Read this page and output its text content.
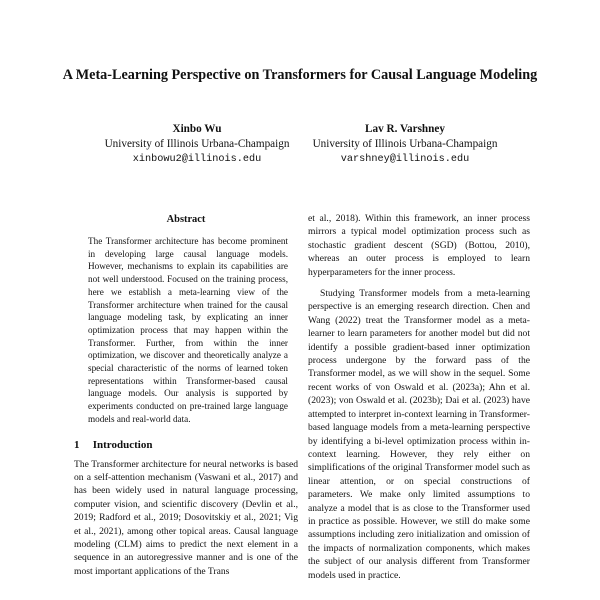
A Meta-Learning Perspective on Transformers for Causal Language Modeling
Xinbo Wu
University of Illinois Urbana-Champaign
xinbowu2@illinois.edu
Lav R. Varshney
University of Illinois Urbana-Champaign
varshney@illinois.edu
Abstract

The Transformer architecture has become prominent in developing large causal language models. However, mechanisms to explain its capabilities are not well understood. Focused on the training process, here we establish a meta-learning view of the Transformer architecture when trained for the causal language modeling task, by explicating an inner optimization process that may happen within the Transformer. Further, from within the inner optimization, we discover and theoretically analyze a special characteristic of the norms of learned token representations within Transformer-based causal language models. Our analysis is supported by experiments conducted on pre-trained large language models and real-world data.

1 Introduction

The Transformer architecture for neural networks is based on a self-attention mechanism (Vaswani et al., 2017) and has been widely used in natural language processing, computer vision, and scientific discovery (Devlin et al., 2019; Radford et al., 2019; Dosovitskiy et al., 2021; Vig et al., 2021), among other topical areas. Causal language modeling (CLM) aims to predict the next element in a sequence in an autoregressive manner and is one of the most important applications of the Trans

et al., 2018). Within this framework, an inner process mirrors a typical model optimization process such as stochastic gradient descent (SGD) (Bottou, 2010), whereas an outer process is employed to learn hyperparameters for the inner process.

Studying Transformer models from a meta-learning perspective is an emerging research direction. Chen and Wang (2022) treat the Transformer model as a meta-learner to learn parameters for another model but did not identify a possible gradient-based inner optimization process undergone by the forward pass of the Transformer model, as we will show in the sequel. Some recent works of von Oswald et al. (2023a); Ahn et al. (2023); von Oswald et al. (2023b); Dai et al. (2023) have attempted to interpret in-context learning in Transformer-based language models from a meta-learning perspective by identifying a bi-level optimization process within in-context learning. However, they rely either on simplifications of the original Transformer model such as linear attention, or on special constructions of parameters. We make only limited assumptions to analyze a model that is as close to the Transformer used in practice as possible. However, we still do make some assumptions including zero initialization and omission of the impacts of normalization components, which makes the subject of our analysis different from Transformer models used in practice.
